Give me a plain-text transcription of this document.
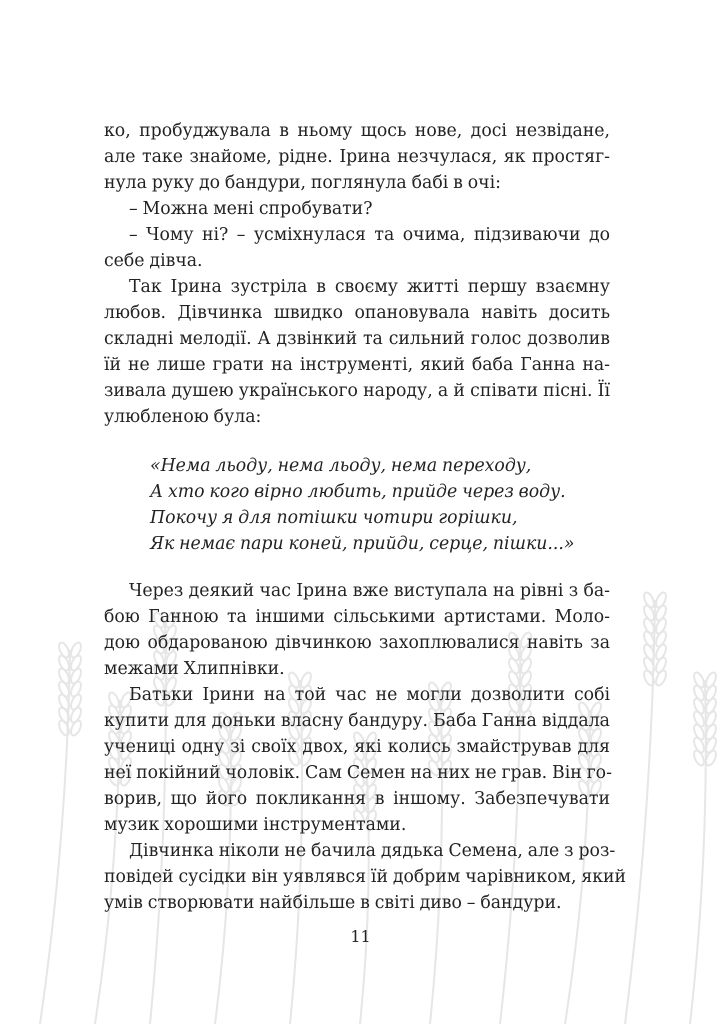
ко, пробуджувала в ньому щось нове, досі незвідане,
але таке знайоме, рідне. Ірина незчулася, як простяг-
нула руку до бандури, поглянула бабі в очі:
– Можна мені спробувати?
– Чому ні? – усміхнулася та очима, підзиваючи до
себе дівча.
Так Ірина зустріла в своєму житті першу взаємну
любов. Дівчинка швидко опановувала навіть досить
складні мелодії. А дзвінкий та сильний голос дозволив
їй не лише грати на інструменті, який баба Ганна на-
зивала душею українського народу, а й співати пісні. Її
улюбленою була:
«Нема льоду, нема льоду, нема переходу,
А хто кого вірно любить, прийде через воду.
Покочу я для потішки чотири горішки,
Як немає пари коней, прийди, серце, пішки...»
Через деякий час Ірина вже виступала на рівні з ба-
бою Ганною та іншими сільськими артистами. Моло-
дою обдарованою дівчинкою захоплювалися навіть за
межами Хлипнівки.
Батьки Ірини на той час не могли дозволити собі
купити для доньки власну бандуру. Баба Ганна віддала
учениці одну зі своїх двох, які колись змайстрував для
неї покійний чоловік. Сам Семен на них не грав. Він го-
ворив, що його покликання в іншому. Забезпечувати
музик хорошими інструментами.
Дівчинка ніколи не бачила дядька Семена, але з роз-
повідей сусідки він уявлявся їй добрим чарівником, який
умів створювати найбільше в світі диво – бандури.
11
